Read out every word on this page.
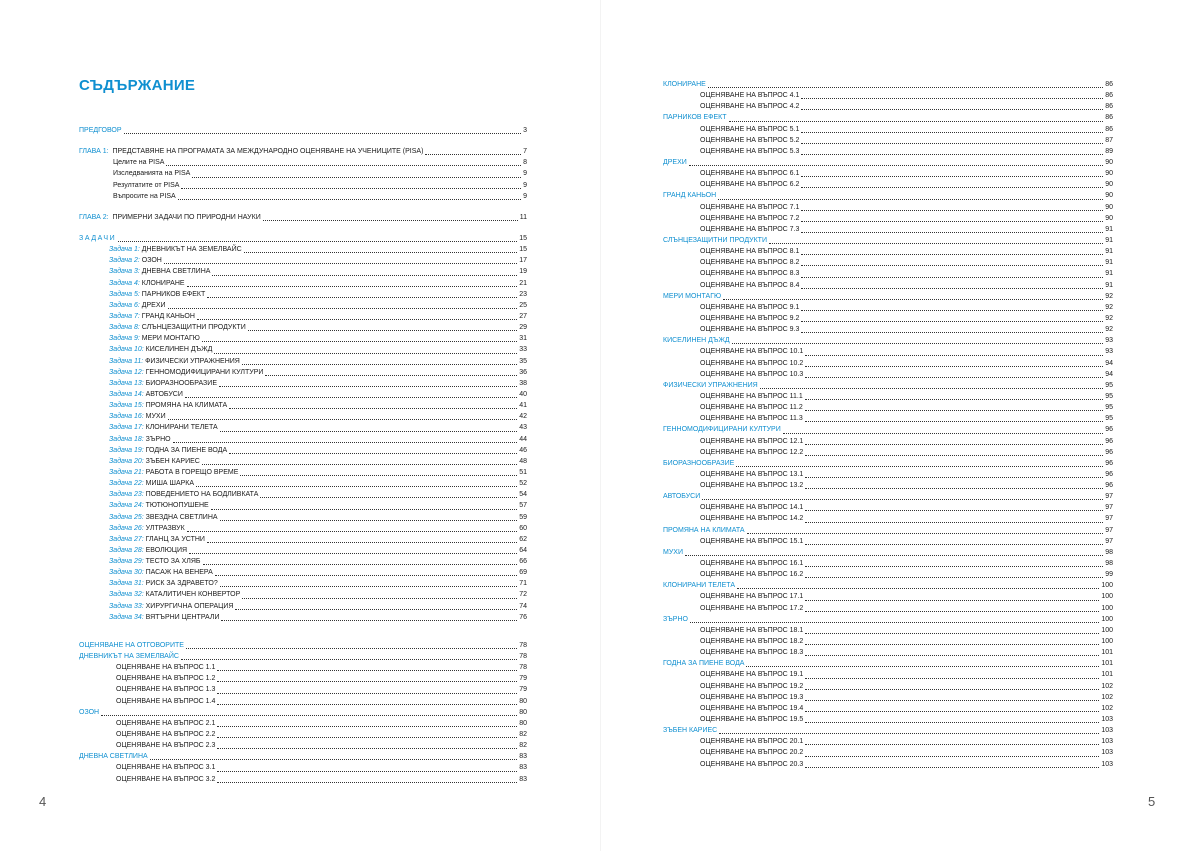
СЪДЪРЖАНИЕ
ПРЕДГОВОР	3
ГЛАВА 1: ПРЕДСТАВЯНЕ НА ПРОГРАМАТА ЗА МЕЖДУНАРОДНО ОЦЕНЯВАНЕ НА УЧЕНИЦИТЕ (PISA)	7
Целите на PISA	8
Изследванията на PISA	9
Резултатите от PISA	9
Въпросите на PISA	9
ГЛАВА 2: ПРИМЕРНИ ЗАДАЧИ ПО ПРИРОДНИ НАУКИ	11
ЗАДАЧИ	15
Задача 1: ДНЕВНИКЪТ НА ЗЕМЕЛВАЙС	15
Задача 2: ОЗОН	17
Задача 3: ДНЕВНА СВЕТЛИНА	19
Задача 4: КЛОНИРАНЕ	21
Задача 5: ПАРНИКОВ ЕФЕКТ	23
Задача 6: ДРЕХИ	25
Задача 7: ГРАНД КАНЬОН	27
Задача 8: СЛЪНЦЕЗАЩИТНИ ПРОДУКТИ	29
Задача 9: МЕРИ МОНТАГЮ	31
Задача 10: КИСЕЛИНЕН ДЪЖД	33
Задача 11: ФИЗИЧЕСКИ УПРАЖНЕНИЯ	35
Задача 12: ГЕННОМОДИФИЦИРАНИ КУЛТУРИ	36
Задача 13: БИОРАЗНООБРАЗИЕ	38
Задача 14: АВТОБУСИ	40
Задача 15: ПРОМЯНА НА КЛИМАТА	41
Задача 16: МУХИ	42
Задача 17: КЛОНИРАНИ ТЕЛЕТА	43
Задача 18: ЗЪРНО	44
Задача 19: ГОДНА ЗА ПИЕНЕ ВОДА	46
Задача 20: ЗЪБЕН КАРИЕС	48
Задача 21: РАБОТА В ГОРЕЩО ВРЕМЕ	51
Задача 22: МИША ШАРКА	52
Задача 23: ПОВЕДЕНИЕТО НА БОДЛИВКАТА	54
Задача 24: ТЮТЮНОПУШЕНЕ	57
Задача 25: ЗВЕЗДНА СВЕТЛИНА	59
Задача 26: УЛТРАЗВУК	60
Задача 27: ГЛАНЦ ЗА УСТНИ	62
Задача 28: ЕВОЛЮЦИЯ	64
Задача 29: ТЕСТО ЗА ХЛЯБ	66
Задача 30: ПАСАЖ НА ВЕНЕРА	69
Задача 31: РИСК ЗА ЗДРАВЕТО?	71
Задача 32: КАТАЛИТИЧЕН КОНВЕРТОР	72
Задача 33: ХИРУРГИЧНА ОПЕРАЦИЯ	74
Задача 34: ВЯТЪРНИ ЦЕНТРАЛИ	76
ОЦЕНЯВАНЕ НА ОТГОВОРИТЕ	78
ДНЕВНИКЪТ НА ЗЕМЕЛВАЙС	78
ОЦЕНЯВАНЕ НА ВЪПРОС 1.1	78
ОЦЕНЯВАНЕ НА ВЪПРОС 1.2	79
ОЦЕНЯВАНЕ НА ВЪПРОС 1.3	79
ОЦЕНЯВАНЕ НА ВЪПРОС 1.4	80
ОЗОН	80
ОЦЕНЯВАНЕ НА ВЪПРОС 2.1	80
ОЦЕНЯВАНЕ НА ВЪПРОС 2.2	82
ОЦЕНЯВАНЕ НА ВЪПРОС 2.3	82
ДНЕВНА СВЕТЛИНА	83
ОЦЕНЯВАНЕ НА ВЪПРОС 3.1	83
ОЦЕНЯВАНЕ НА ВЪПРОС 3.2	83
4
КЛОНИРАНЕ	86
ОЦЕНЯВАНЕ НА ВЪПРОС 4.1	86
ОЦЕНЯВАНЕ НА ВЪПРОС 4.2	86
ПАРНИКОВ ЕФЕКТ	86
ОЦЕНЯВАНЕ НА ВЪПРОС 5.1	86
ОЦЕНЯВАНЕ НА ВЪПРОС 5.2	87
ОЦЕНЯВАНЕ НА ВЪПРОС 5.3	89
ДРЕХИ	90
ОЦЕНЯВАНЕ НА ВЪПРОС 6.1	90
ОЦЕНЯВАНЕ НА ВЪПРОС 6.2	90
ГРАНД КАНЬОН	90
ОЦЕНЯВАНЕ НА ВЪПРОС 7.1	90
ОЦЕНЯВАНЕ НА ВЪПРОС 7.2	90
ОЦЕНЯВАНЕ НА ВЪПРОС 7.3	91
СЛЪНЦЕЗАЩИТНИ ПРОДУКТИ	91
ОЦЕНЯВАНЕ НА ВЪПРОС 8.1	91
ОЦЕНЯВАНЕ НА ВЪПРОС 8.2	91
ОЦЕНЯВАНЕ НА ВЪПРОС 8.3	91
ОЦЕНЯВАНЕ НА ВЪПРОС 8.4	91
МЕРИ МОНТАГЮ	92
ОЦЕНЯВАНЕ НА ВЪПРОС 9.1	92
ОЦЕНЯВАНЕ НА ВЪПРОС 9.2	92
ОЦЕНЯВАНЕ НА ВЪПРОС 9.3	92
КИСЕЛИНЕН ДЪЖД	93
ОЦЕНЯВАНЕ НА ВЪПРОС 10.1	93
ОЦЕНЯВАНЕ НА ВЪПРОС 10.2	94
ОЦЕНЯВАНЕ НА ВЪПРОС 10.3	94
ФИЗИЧЕСКИ УПРАЖНЕНИЯ	95
ОЦЕНЯВАНЕ НА ВЪПРОС 11.1	95
ОЦЕНЯВАНЕ НА ВЪПРОС 11.2	95
ОЦЕНЯВАНЕ НА ВЪПРОС 11.3	95
ГЕННОМОДИФИЦИРАНИ КУЛТУРИ	96
ОЦЕНЯВАНЕ НА ВЪПРОС 12.1	96
ОЦЕНЯВАНЕ НА ВЪПРОС 12.2	96
БИОРАЗНООБРАЗИЕ	96
ОЦЕНЯВАНЕ НА ВЪПРОС 13.1	96
ОЦЕНЯВАНЕ НА ВЪПРОС 13.2	96
АВТОБУСИ	97
ОЦЕНЯВАНЕ НА ВЪПРОС 14.1	97
ОЦЕНЯВАНЕ НА ВЪПРОС 14.2	97
ПРОМЯНА НА КЛИМАТА	97
ОЦЕНЯВАНЕ НА ВЪПРОС 15.1	97
МУХИ	98
ОЦЕНЯВАНЕ НА ВЪПРОС 16.1	98
ОЦЕНЯВАНЕ НА ВЪПРОС 16.2	99
КЛОНИРАНИ ТЕЛЕТА	100
ОЦЕНЯВАНЕ НА ВЪПРОС 17.1	100
ОЦЕНЯВАНЕ НА ВЪПРОС 17.2	100
ЗЪРНО	100
ОЦЕНЯВАНЕ НА ВЪПРОС 18.1	100
ОЦЕНЯВАНЕ НА ВЪПРОС 18.2	100
ОЦЕНЯВАНЕ НА ВЪПРОС 18.3	101
ГОДНА ЗА ПИЕНЕ ВОДА	101
ОЦЕНЯВАНЕ НА ВЪПРОС 19.1	101
ОЦЕНЯВАНЕ НА ВЪПРОС 19.2	102
ОЦЕНЯВАНЕ НА ВЪПРОС 19.3	102
ОЦЕНЯВАНЕ НА ВЪПРОС 19.4	102
ОЦЕНЯВАНЕ НА ВЪПРОС 19.5	103
ЗЪБЕН КАРИЕС	103
ОЦЕНЯВАНЕ НА ВЪПРОС 20.1	103
ОЦЕНЯВАНЕ НА ВЪПРОС 20.2	103
ОЦЕНЯВАНЕ НА ВЪПРОС 20.3	103
5
